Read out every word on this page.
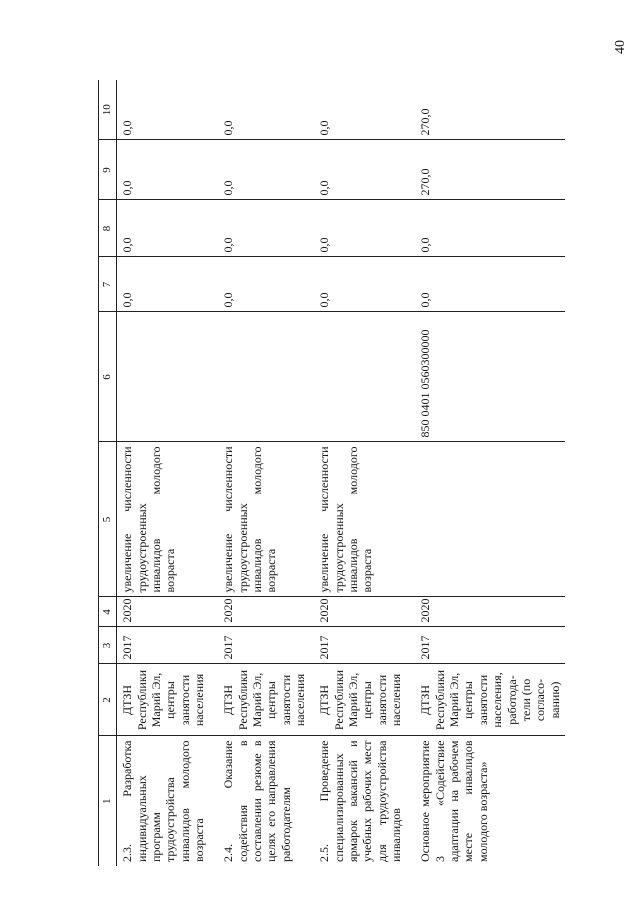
40
1	2	3	4	5	6	7	8	9	10
2.3. Разработка индивидуальных программ трудоустройства инвалидов молодого возраста	ДТЗН Республики Марий Эл, центры занятости населения	2017	2020	увеличение численности трудоустроенных инвалидов молодого возраста		0,0	0,0	0,0	0,0
2.4. Оказание содействия в составлении резюме в целях его направления работодателям	ДТЗН Республики Марий Эл, центры занятости населения	2017	2020	увеличение численности трудоустроенных инвалидов молодого возраста		0,0	0,0	0,0	0,0
2.5. Проведение специализированных ярмарок вакансий и учебных рабочих мест для трудоустройства инвалидов	ДТЗН Республики Марий Эл, центры занятости населения	2017	2020	увеличение численности трудоустроенных инвалидов молодого возраста		0,0	0,0	0,0	0,0
Основное мероприятие 3 «Содействие адаптации на рабочем месте инвалидов молодого возраста»	ДТЗН Республики Марий Эл, центры занятости населения, работода-тели (по согласо-ванию)	2017	2020		850 0401 0560300000	0,0	0,0	270,0	270,0
